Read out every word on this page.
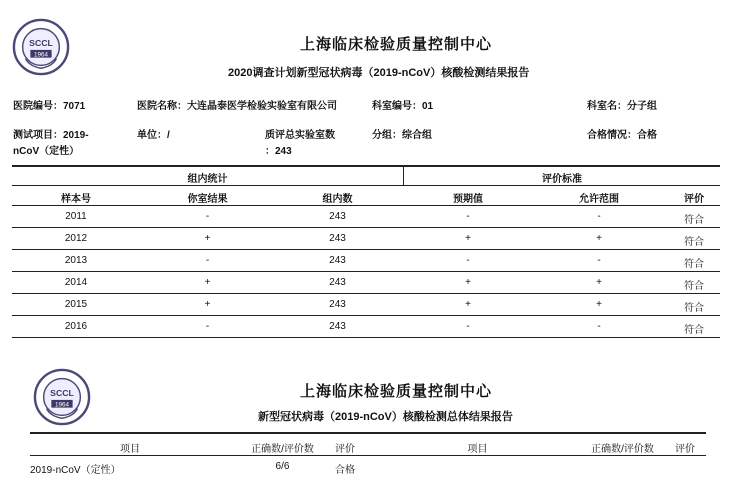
SCCL
1964
上海临床检验质量控制中心
2020调查计划新型冠状病毒（2019-nCoV）核酸检测结果报告
医院编号：7071	医院名称：大连晶泰医学检验实验室有限公司	科室编号：01	科室名：分子组
测试项目：2019-
nCoV（定性）
单位：/	质评总实验室数
：243
分组：综合组	合格情况：合格
组内统计	评价标准
样本号	你室结果	组内数	预期值	允许范围	评价
2011	-	243	-	-	符合
2012	+	243	+	+	符合
2013	-	243	-	-	符合
2014	+	243	+	+	符合
2015	+	243	+	+	符合
2016	-	243	-	-	符合
SCCL
1964
上海临床检验质量控制中心
新型冠状病毒（2019-nCoV）核酸检测总体结果报告
项目	正确数/评价数	评价	项目	正确数/评价数	评价
2019-nCoV（定性）	6/6	合格
